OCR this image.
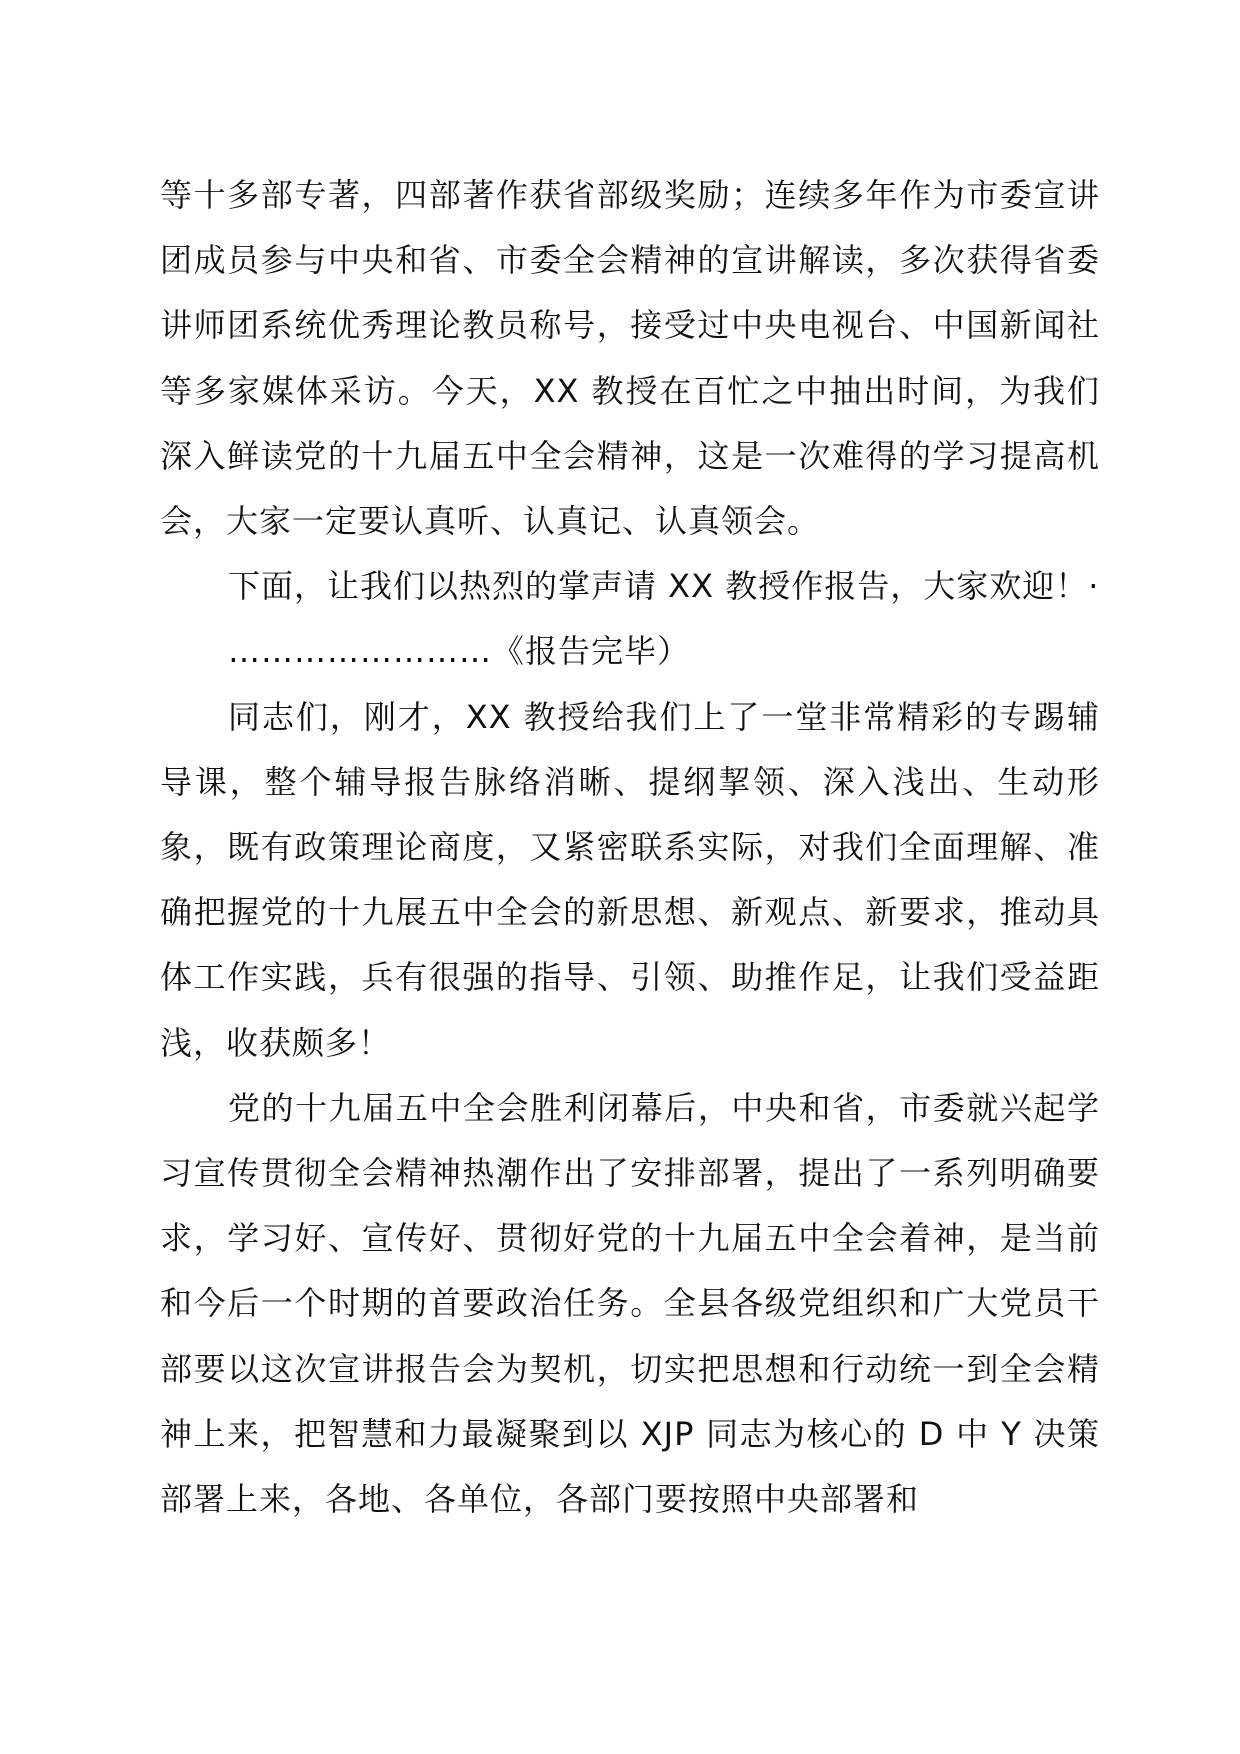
等十多部专著，四部著作获省部级奖励；连续多年作为市委宣讲团成员参与中央和省、市委全会精神的宣讲解读，多次获得省委讲师团系统优秀理论教员称号，接受过中央电视台、中国新闻社等多家媒体采访。今天，XX 教授在百忙之中抽出时间，为我们深入鲜读党的十九届五中全会精神，这是一次难得的学习提高机会，大家一定要认真听、认真记、认真领会。

下面，让我们以热烈的掌声请 XX 教授作报告，大家欢迎！·

……………………《报告完毕）

同志们，刚才，XX 教授给我们上了一堂非常精彩的专踢辅导课，整个辅导报告脉络消晰、提纲挈领、深入浅出、生动形象，既有政策理论商度，又紧密联系实际，对我们全面理解、准确把握党的十九展五中全会的新思想、新观点、新要求，推动具体工作实践，兵有很强的指导、引领、助推作足，让我们受益距浅，收获颇多！

党的十九届五中全会胜利闭幕后，中央和省，市委就兴起学习宣传贯彻全会精神热潮作出了安排部署，提出了一系列明确要求，学习好、宣传好、贯彻好党的十九届五中全会着神，是当前和今后一个时期的首要政治任务。全县各级党组织和广大党员干部要以这次宣讲报告会为契机，切实把思想和行动统一到全会精神上来，把智慧和力最凝聚到以 XJP 同志为核心的 D 中 Y 决策部署上来，各地、各单位，各部门要按照中央部署和
